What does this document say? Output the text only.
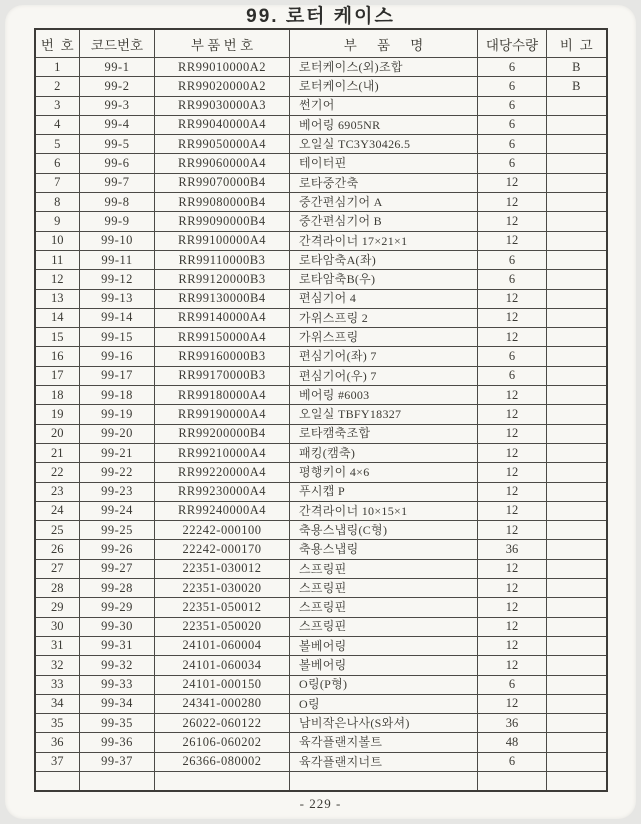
99. 로터 케이스
번  호	코드번호	부 품 번 호	부      품      명	대당수량	비  고
1	99-1	RR99010000A2	로터케이스(외)조합	6	B
2	99-2	RR99020000A2	로터케이스(내)	6	B
3	99-3	RR99030000A3	썬기어	6	
4	99-4	RR99040000A4	베어링 6905NR	6	
5	99-5	RR99050000A4	오일실 TC3Y30426.5	6	
6	99-6	RR99060000A4	테이터핀	6	
7	99-7	RR99070000B4	로타중간축	12	
8	99-8	RR99080000B4	중간편심기어 A	12	
9	99-9	RR99090000B4	중간편심기어 B	12	
10	99-10	RR99100000A4	간격라이너 17×21×1	12	
11	99-11	RR99110000B3	로타암축A(좌)	6	
12	99-12	RR99120000B3	로타암축B(우)	6	
13	99-13	RR99130000B4	편심기어 4	12	
14	99-14	RR99140000A4	가위스프링 2	12	
15	99-15	RR99150000A4	가위스프링	12	
16	99-16	RR99160000B3	편심기어(좌) 7	6	
17	99-17	RR99170000B3	편심기어(우) 7	6	
18	99-18	RR99180000A4	베어링 #6003	12	
19	99-19	RR99190000A4	오일실 TBFY18327	12	
20	99-20	RR99200000B4	로타캠축조합	12	
21	99-21	RR99210000A4	패킹(캠축)	12	
22	99-22	RR99220000A4	평행키이 4×6	12	
23	99-23	RR99230000A4	푸시캡 P	12	
24	99-24	RR99240000A4	간격라이너 10×15×1	12	
25	99-25	22242-000100	축용스냅링(C형)	12	
26	99-26	22242-000170	축용스냅링	36	
27	99-27	22351-030012	스프링핀	12	
28	99-28	22351-030020	스프링핀	12	
29	99-29	22351-050012	스프링핀	12	
30	99-30	22351-050020	스프링핀	12	
31	99-31	24101-060004	볼베어링	12	
32	99-32	24101-060034	볼베어링	12	
33	99-33	24101-000150	O링(P형)	6	
34	99-34	24341-000280	O링	12	
35	99-35	26022-060122	남비작은나사(S와셔)	36	
36	99-36	26106-060202	육각플랜지볼트	48	
37	99-37	26366-080002	육각플랜지너트	6	

- 229 -
